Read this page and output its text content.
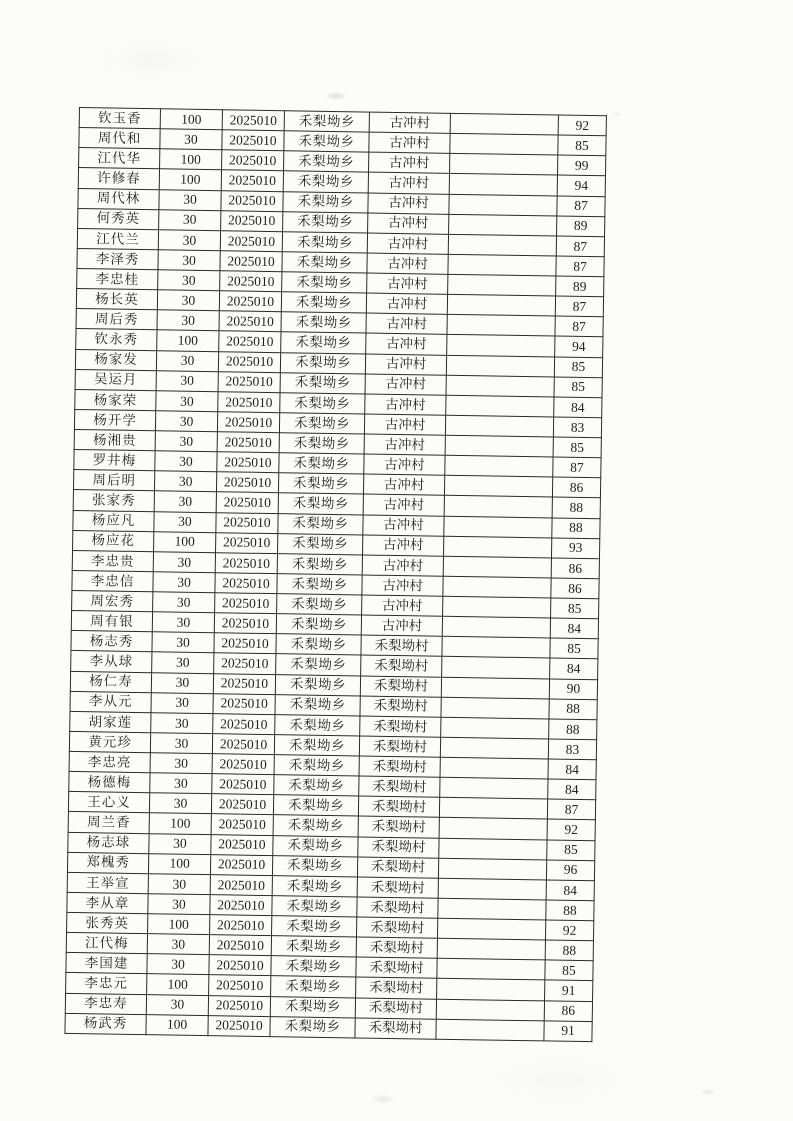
钦玉香	100	2025010	禾梨坳乡	古冲村		92
周代和	30	2025010	禾梨坳乡	古冲村		85
江代华	100	2025010	禾梨坳乡	古冲村		99
许修春	100	2025010	禾梨坳乡	古冲村		94
周代林	30	2025010	禾梨坳乡	古冲村		87
何秀英	30	2025010	禾梨坳乡	古冲村		89
江代兰	30	2025010	禾梨坳乡	古冲村		87
李泽秀	30	2025010	禾梨坳乡	古冲村		87
李忠桂	30	2025010	禾梨坳乡	古冲村		89
杨长英	30	2025010	禾梨坳乡	古冲村		87
周后秀	30	2025010	禾梨坳乡	古冲村		87
钦永秀	100	2025010	禾梨坳乡	古冲村		94
杨家发	30	2025010	禾梨坳乡	古冲村		85
吴运月	30	2025010	禾梨坳乡	古冲村		85
杨家荣	30	2025010	禾梨坳乡	古冲村		84
杨开学	30	2025010	禾梨坳乡	古冲村		83
杨湘贵	30	2025010	禾梨坳乡	古冲村		85
罗井梅	30	2025010	禾梨坳乡	古冲村		87
周后明	30	2025010	禾梨坳乡	古冲村		86
张家秀	30	2025010	禾梨坳乡	古冲村		88
杨应凡	30	2025010	禾梨坳乡	古冲村		88
杨应花	100	2025010	禾梨坳乡	古冲村		93
李忠贵	30	2025010	禾梨坳乡	古冲村		86
李忠信	30	2025010	禾梨坳乡	古冲村		86
周宏秀	30	2025010	禾梨坳乡	古冲村		85
周有银	30	2025010	禾梨坳乡	古冲村		84
杨志秀	30	2025010	禾梨坳乡	禾梨坳村		85
李从球	30	2025010	禾梨坳乡	禾梨坳村		84
杨仁寿	30	2025010	禾梨坳乡	禾梨坳村		90
李从元	30	2025010	禾梨坳乡	禾梨坳村		88
胡家莲	30	2025010	禾梨坳乡	禾梨坳村		88
黄元珍	30	2025010	禾梨坳乡	禾梨坳村		83
李忠亮	30	2025010	禾梨坳乡	禾梨坳村		84
杨德梅	30	2025010	禾梨坳乡	禾梨坳村		84
王心义	30	2025010	禾梨坳乡	禾梨坳村		87
周兰香	100	2025010	禾梨坳乡	禾梨坳村		92
杨志球	30	2025010	禾梨坳乡	禾梨坳村		85
郑槐秀	100	2025010	禾梨坳乡	禾梨坳村		96
王举宣	30	2025010	禾梨坳乡	禾梨坳村		84
李从章	30	2025010	禾梨坳乡	禾梨坳村		88
张秀英	100	2025010	禾梨坳乡	禾梨坳村		92
江代梅	30	2025010	禾梨坳乡	禾梨坳村		88
李国建	30	2025010	禾梨坳乡	禾梨坳村		85
李忠元	100	2025010	禾梨坳乡	禾梨坳村		91
李忠寿	30	2025010	禾梨坳乡	禾梨坳村		86
杨武秀	100	2025010	禾梨坳乡	禾梨坳村		91
